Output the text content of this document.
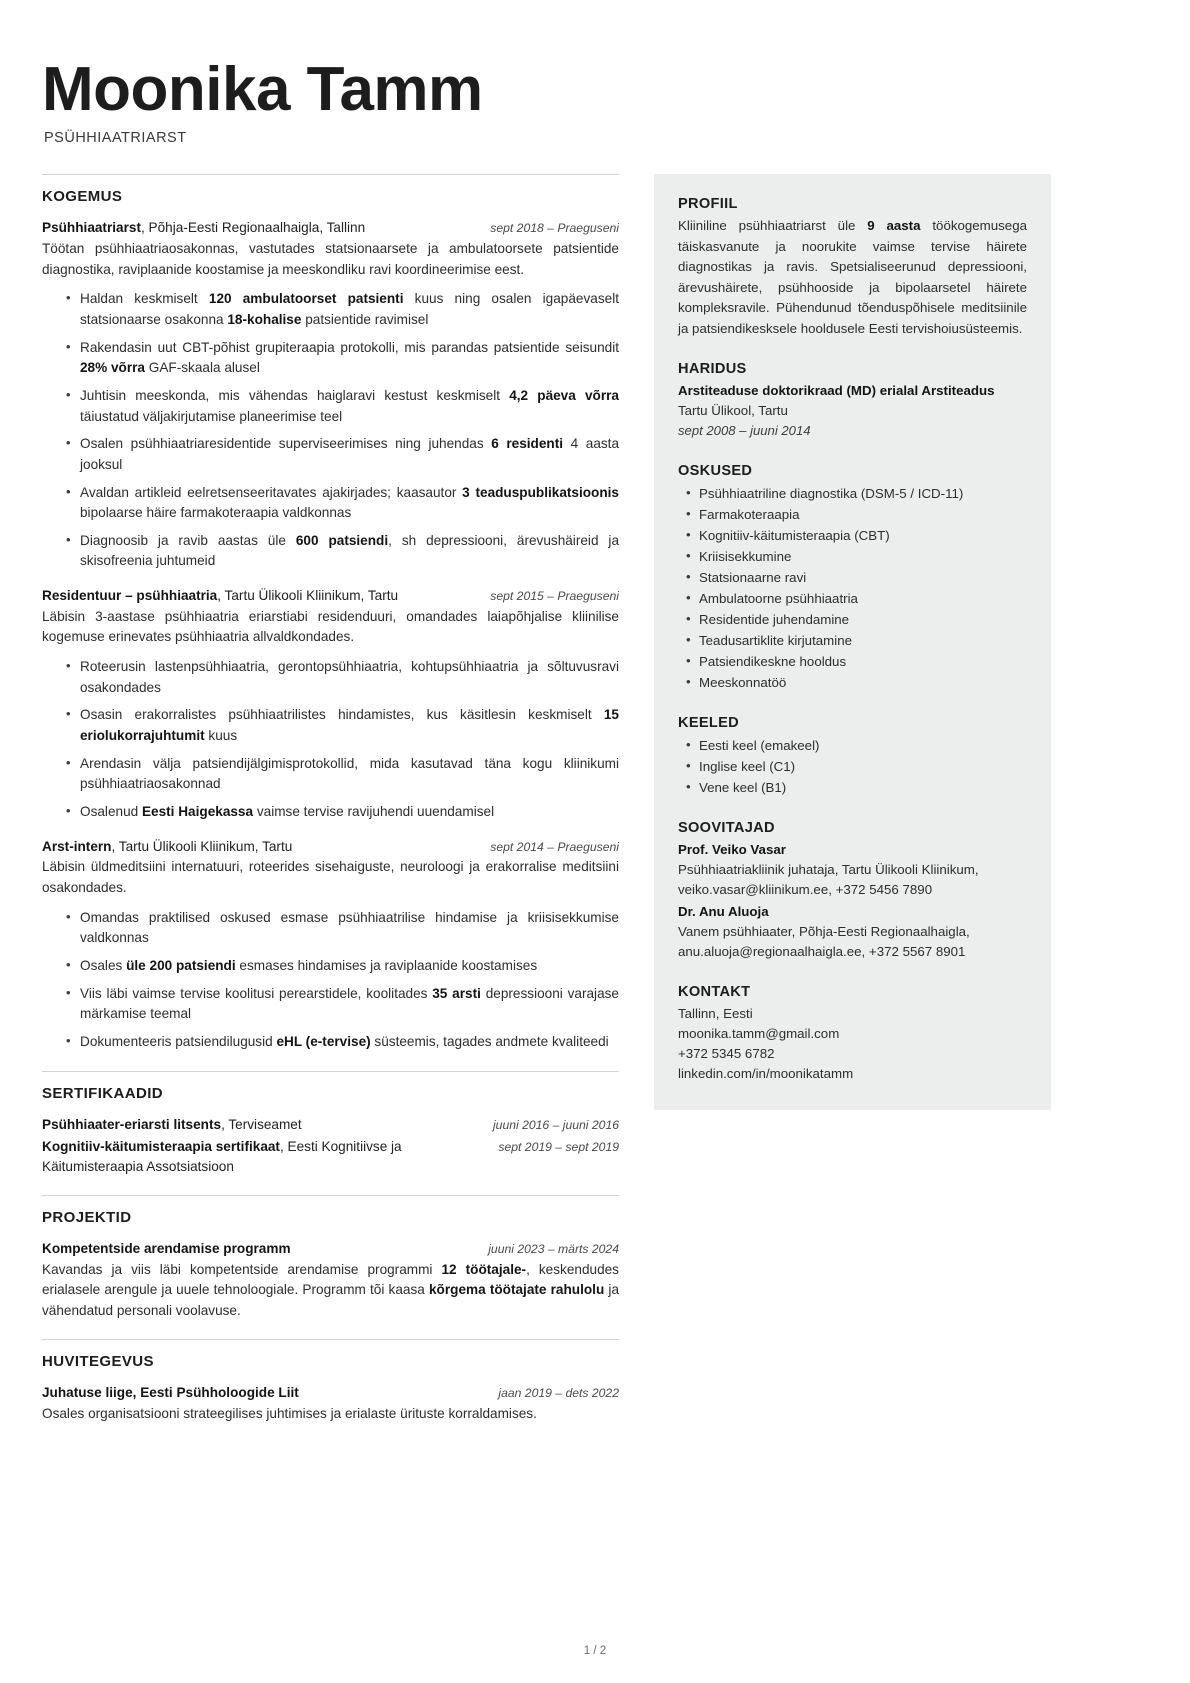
Moonika Tamm
PSÜHHIAATRIARST
KOGEMUS
Psühhiaatriarst, Põhja-Eesti Regionaalhaigla, Tallinn	sept 2018 – Praeguseni

Töötan psühhiaatriaosakonnas, vastutades statsionaarsete ja ambulatoorsete patsientide diagnostika, raviplaanide koostamise ja meeskondliku ravi koordineerimise eest.

• Haldan keskmiselt 120 ambulatoorset patsienti kuus ning osalen igapäevaselt statsionaarse osakonna 18-kohalise patsientide ravimisel
• Rakendasin uut CBT-põhist grupiteraapia protokolli, mis parandas patsientide seisundit 28% võrra GAF-skaala alusel
• Juhtisin meeskonda, mis vähendas haiglaravi kestust keskmiselt 4,2 päeva võrra täiustatud väljakirjutamise planeerimise teel
• Osalen psühhiaatriaresidentide superviseerimises ning juhendas 6 residenti 4 aasta jooksul
• Avaldan artikleid eelretsenseeritavates ajakirjades; kaasautor 3 teaduspublikatsioonis bipolaarse häire farmakoteraapia valdkonnas
• Diagnoosib ja ravib aastas üle 600 patsiendi, sh depressiooni, ärevushäireid ja skisofreenia juhtumeid
Residentuur – psühhiaatria, Tartu Ülikooli Kliinikum, Tartu	sept 2015 – Praeguseni

Läbisin 3-aastase psühhiaatria eriarstiabi residenduuri, omandades laiapõhjalise kliinilise kogemuse erinevates psühhiaatria allvaldkondades.

• Roteerusin lastenpsühhiaatria, gerontopsühhiaatria, kohtupsühhiaatria ja sõltuvusravi osakondades
• Osasin erakorralistes psühhiaatrilistes hindamistes, kus käsitlesin keskmiselt 15 eriolukorrajuhtumit kuus
• Arendasin välja patsiendijälgimisprotokollid, mida kasutavad täna kogu kliinikumi psühhiaatriaosakonnad
• Osalenud Eesti Haigekassa vaimse tervise ravijuhendi uuendamisel
Arst-intern, Tartu Ülikooli Kliinikum, Tartu	sept 2014 – Praeguseni

Läbisin üldmeditsiini internatuuri, roteerides sisehaiguste, neuroloogi ja erakorralise meditsiini osakondades.

• Omandas praktilised oskused esmase psühhiaatrilise hindamise ja kriisisekkumise valdkonnas
• Osales üle 200 patsiendi esmases hindamises ja raviplaanide koostamises
• Viis läbi vaimse tervise koolitusi perearstidele, koolitades 35 arsti depressiooni varajase märkamise teemal
• Dokumenteeris patsiendilugusid eHL (e-tervise) süsteemis, tagades andmete kvaliteedi
SERTIFIKAADID
Psühhiaater-eriarsti litsents, Terviseamet	juuni 2016 – juuni 2016
Kognitiiv-käitumisteraapia sertifikaat, Eesti Kognitiivse ja Käitumisteraapia Assotsiatsioon
sept 2019 – sept 2019
PROJEKTID
Kompetentside arendamise programm	juuni 2023 – märts 2024

Kavandas ja viis läbi kompetentside arendamise programmi 12 töötajale-, keskendudes erialasele arengule ja uuele tehnoloogiale. Programm tõi kaasa kõrgema töötajate rahulolu ja vähendatud personali voolavuse.

HUVITEGEVUS
Juhatuse liige, Eesti Psühholoogide Liit	jaan 2019 – dets 2022

Osales organisatsiooni strateegilises juhtimises ja erialaste ürituste korraldamises.

PROFIIL

Kliiniline psühhiaatriarst üle 9 aasta töökogemusega täiskasvanute ja noorukite vaimse tervise häirete diagnostikas ja ravis. Spetsialiseerunud depressiooni, ärevushäirete, psühhooside ja bipolaarsetel häirete kompleksravile. Pühendunud tõenduspõhisele meditsiinile ja patsiendikesksele hooldusele Eesti tervishoiusüsteemis.

HARIDUS

Arstiteaduse doktorikraad (MD) erialal Arstiteadus

Tartu Ülikool, Tartu

sept 2008 – juuni 2014

OSKUSED
• Psühhiaatriline diagnostika (DSM-5 / ICD-11)
• Farmakoteraapia
• Kognitiiv-käitumisteraapia (CBT)
• Kriisisekkumine
• Statsionaarne ravi
• Ambulatoorne psühhiaatria
• Residentide juhendamine
• Teadusartiklite kirjutamine
• Patsiendikeskne hooldus
• Meeskonnatöö
KEELED
• Eesti keel (emakeel)
• Inglise keel (C1)
• Vene keel (B1)
SOOVITAJAD

Prof. Veiko Vasar

Psühhiaatriakliinik juhataja, Tartu Ülikooli Kliinikum,

veiko.vasar@kliinikum.ee, +372 5456 7890

Dr. Anu Aluoja

Vanem psühhiaater, Põhja-Eesti Regionaalhaigla,

anu.aluoja@regionaalhaigla.ee, +372 5567 8901

KONTAKT

Tallinn, Eesti

moonika.tamm@gmail.com

+372 5345 6782

linkedin.com/in/moonikatamm

1 / 2
